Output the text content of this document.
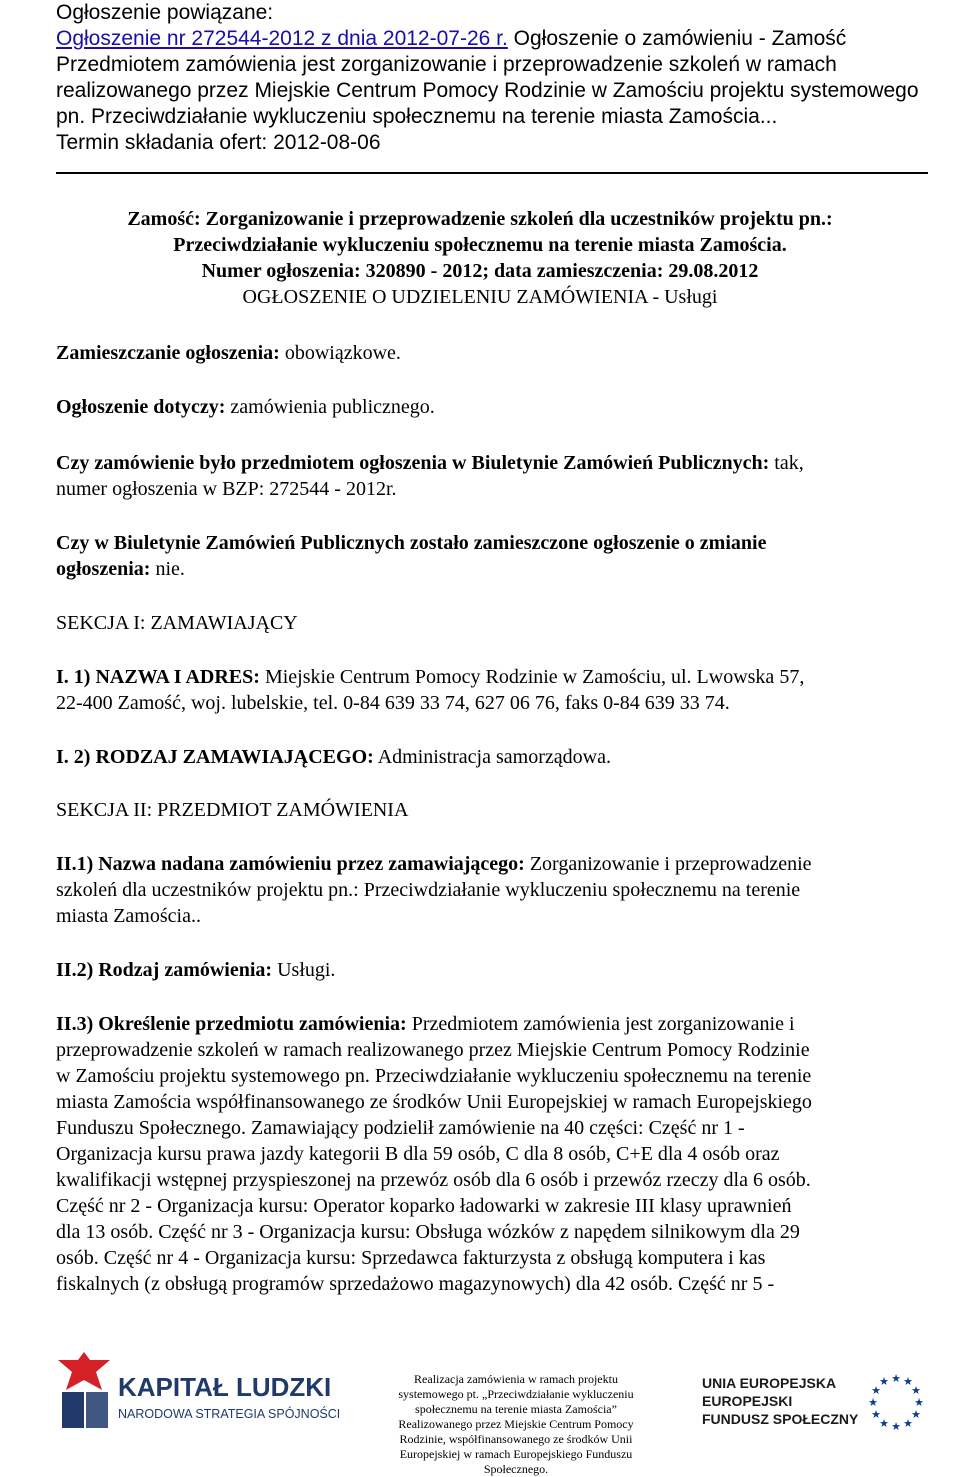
Ogłoszenie powiązane:
Ogłoszenie nr 272544-2012 z dnia 2012-07-26 r. Ogłoszenie o zamówieniu - Zamość
Przedmiotem zamówienia jest zorganizowanie i przeprowadzenie szkoleń w ramach
realizowanego przez Miejskie Centrum Pomocy Rodzinie w Zamościu projektu systemowego
pn. Przeciwdziałanie wykluczeniu społecznemu na terenie miasta Zamościa...
Termin składania ofert: 2012-08-06
Zamość: Zorganizowanie i przeprowadzenie szkoleń dla uczestników projektu pn.:
Przeciwdziałanie wykluczeniu społecznemu na terenie miasta Zamościa.
Numer ogłoszenia: 320890 - 2012; data zamieszczenia: 29.08.2012
OGŁOSZENIE O UDZIELENIU ZAMÓWIENIA - Usługi
Zamieszczanie ogłoszenia: obowiązkowe.
Ogłoszenie dotyczy: zamówienia publicznego.
Czy zamówienie było przedmiotem ogłoszenia w Biuletynie Zamówień Publicznych: tak,
numer ogłoszenia w BZP: 272544 - 2012r.
Czy w Biuletynie Zamówień Publicznych zostało zamieszczone ogłoszenie o zmianie
ogłoszenia: nie.
SEKCJA I: ZAMAWIAJĄCY
I. 1) NAZWA I ADRES: Miejskie Centrum Pomocy Rodzinie w Zamościu, ul. Lwowska 57,
22-400 Zamość, woj. lubelskie, tel. 0-84 639 33 74, 627 06 76, faks 0-84 639 33 74.
I. 2) RODZAJ ZAMAWIAJĄCEGO: Administracja samorządowa.
SEKCJA II: PRZEDMIOT ZAMÓWIENIA
II.1) Nazwa nadana zamówieniu przez zamawiającego: Zorganizowanie i przeprowadzenie
szkoleń dla uczestników projektu pn.: Przeciwdziałanie wykluczeniu społecznemu na terenie
miasta Zamościa..
II.2) Rodzaj zamówienia: Usługi.
II.3) Określenie przedmiotu zamówienia: Przedmiotem zamówienia jest zorganizowanie i
przeprowadzenie szkoleń w ramach realizowanego przez Miejskie Centrum Pomocy Rodzinie
w Zamościu projektu systemowego pn. Przeciwdziałanie wykluczeniu społecznemu na terenie
miasta Zamościa współfinansowanego ze środków Unii Europejskiej w ramach Europejskiego
Funduszu Społecznego. Zamawiający podzielił zamówienie na 40 części: Część nr 1 -
Organizacja kursu prawa jazdy kategorii B dla 59 osób, C dla 8 osób, C+E dla 4 osób oraz
kwalifikacji wstępnej przyspieszonej na przewóz osób dla 6 osób i przewóz rzeczy dla 6 osób.
Część nr 2 - Organizacja kursu: Operator koparko ładowarki w zakresie III klasy uprawnień
dla 13 osób. Część nr 3 - Organizacja kursu: Obsługa wózków z napędem silnikowym dla 29
osób. Część nr 4 - Organizacja kursu: Sprzedawca fakturzysta z obsługą komputera i kas
fiskalnych (z obsługą programów sprzedażowo magazynowych) dla 42 osób. Część nr 5 -
KAPITAŁ LUDZKI
NARODOWA STRATEGIA SPÓJNOŚCI
Realizacja zamówienia w ramach projektu
systemowego pt. „Przeciwdziałanie wykluczeniu
społecznemu na terenie miasta Zamościa”
Realizowanego przez Miejskie Centrum Pomocy
Rodzinie, współfinansowanego ze środków Unii
Europejskiej w ramach Europejskiego Funduszu
Społecznego.
UNIA EUROPEJSKA
EUROPEJSKI
FUNDUSZ SPOŁECZNY
★ ★
★
★
★
★
★
★
★
★
★
★
